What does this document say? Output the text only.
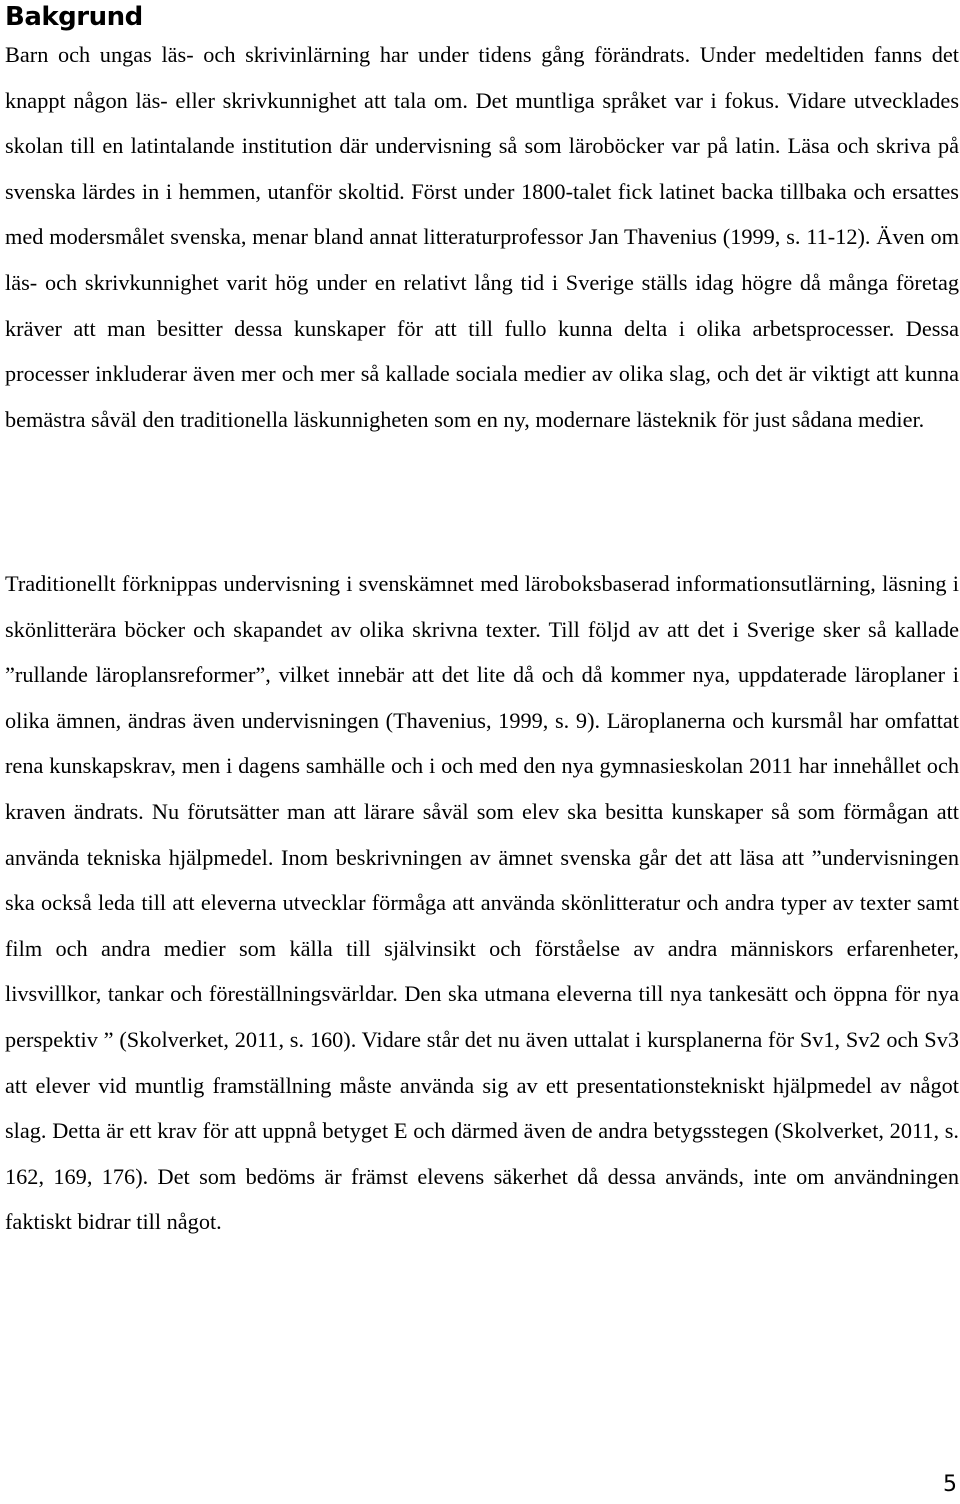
Bakgrund

Barn och ungas läs- och skrivinlärning har under tidens gång förändrats. Under medeltiden fanns det knappt någon läs- eller skrivkunnighet att tala om. Det muntliga språket var i fokus. Vidare utvecklades skolan till en latintalande institution där undervisning så som läroböcker var på latin. Läsa och skriva på svenska lärdes in i hemmen, utanför skoltid. Först under 1800-talet fick latinet backa tillbaka och ersattes med modersmålet svenska, menar bland annat litteraturprofessor Jan Thavenius (1999, s. 11-12). Även om läs- och skrivkunnighet varit hög under en relativt lång tid i Sverige ställs idag högre då många företag kräver att man besitter dessa kunskaper för att till fullo kunna delta i olika arbetsprocesser. Dessa processer inkluderar även mer och mer så kallade sociala medier av olika slag, och det är viktigt att kunna bemästra såväl den traditionella läskunnigheten som en ny, modernare lästeknik för just sådana medier.

Traditionellt förknippas undervisning i svenskämnet med läroboksbaserad informationsutlärning, läsning i skönlitterära böcker och skapandet av olika skrivna texter. Till följd av att det i Sverige sker så kallade ”rullande läroplansreformer”, vilket innebär att det lite då och då kommer nya, uppdaterade läroplaner i olika ämnen, ändras även undervisningen (Thavenius, 1999, s. 9). Läroplanerna och kursmål har omfattat rena kunskapskrav, men i dagens samhälle och i och med den nya gymnasieskolan 2011 har innehållet och kraven ändrats. Nu förutsätter man att lärare såväl som elev ska besitta kunskaper så som förmågan att använda tekniska hjälpmedel. Inom beskrivningen av ämnet svenska går det att läsa att ”undervisningen ska också leda till att eleverna utvecklar förmåga att använda skönlitteratur och andra typer av texter samt film och andra medier som källa till självinsikt och förståelse av andra människors erfarenheter, livsvillkor, tankar och föreställningsvärldar. Den ska utmana eleverna till nya tankesätt och öppna för nya perspektiv ” (Skolverket, 2011, s. 160). Vidare står det nu även uttalat i kursplanerna för Sv1, Sv2 och Sv3 att elever vid muntlig framställning måste använda sig av ett presentationstekniskt hjälpmedel av något slag. Detta är ett krav för att uppnå betyget E och därmed även de andra betygsstegen (Skolverket, 2011, s. 162, 169, 176). Det som bedöms är främst elevens säkerhet då dessa används, inte om användningen faktiskt bidrar till något.

5
